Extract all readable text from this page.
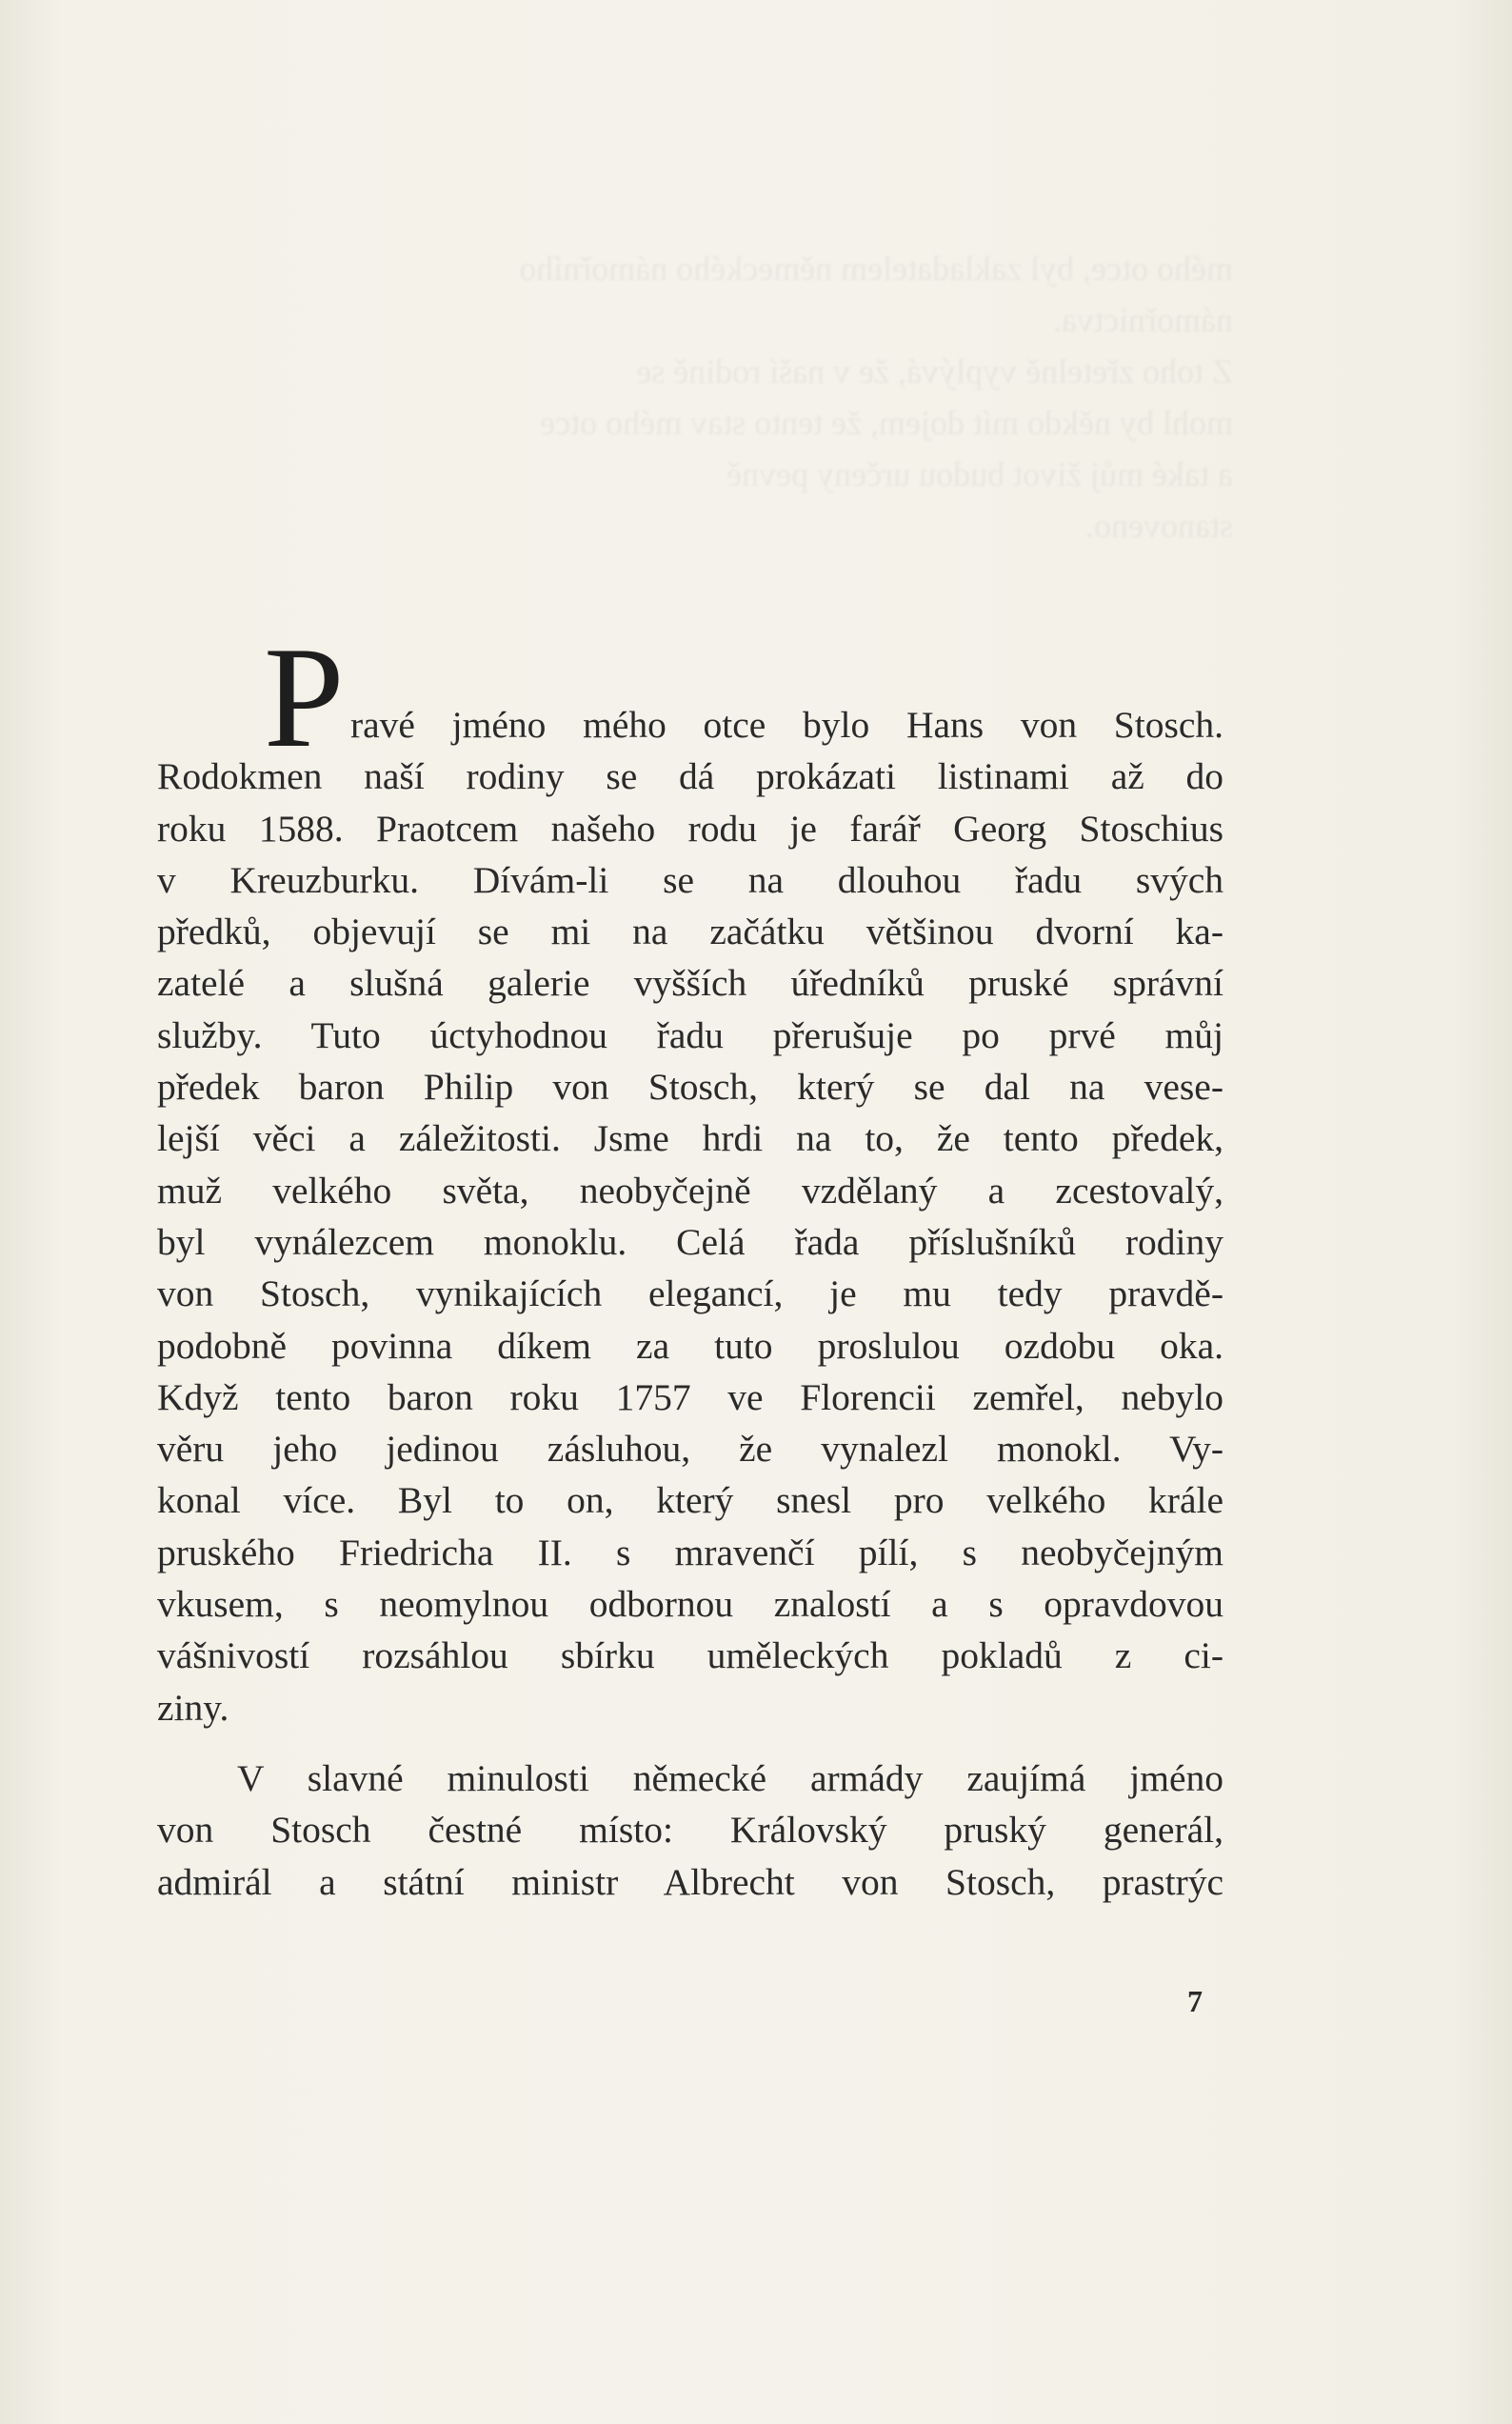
mého otce, byl zakladatelem německého námořního
námořnictva.
Z toho zřetelně vyplývá, že v naší rodině se
mohl by někdo mít dojem, že tento stav mého otce
a také můj život budou určeny pevně
stanoveno.
P ravé jméno mého otce bylo Hans von Stosch.
Rodokmen naší rodiny se dá prokázati listinami až do
roku 1588. Praotcem našeho rodu je farář Georg Stoschius
v Kreuzburku. Dívám-li se na dlouhou řadu svých
předků, objevují se mi na začátku většinou dvorní ka-
zatelé a slušná galerie vyšších úředníků pruské správní
služby. Tuto úctyhodnou řadu přerušuje po prvé můj
předek baron Philip von Stosch, který se dal na vese-
lejší věci a záležitosti. Jsme hrdi na to, že tento předek,
muž velkého světa, neobyčejně vzdělaný a zcestovalý,
byl vynálezcem monoklu. Celá řada příslušníků rodiny
von Stosch, vynikajících elegancí, je mu tedy pravdě-
podobně povinna díkem za tuto proslulou ozdobu oka.
Když tento baron roku 1757 ve Florencii zemřel, nebylo
věru jeho jedinou zásluhou, že vynalezl monokl. Vy-
konal více. Byl to on, který snesl pro velkého krále
pruského Friedricha II. s mravenčí pílí, s neobyčejným
vkusem, s neomylnou odbornou znalostí a s opravdovou
vášnivostí rozsáhlou sbírku uměleckých pokladů z ci-
ziny.
V slavné minulosti německé armády zaujímá jméno
von Stosch čestné místo: Královský pruský generál,
admirál a státní ministr Albrecht von Stosch, prastrýc
7
